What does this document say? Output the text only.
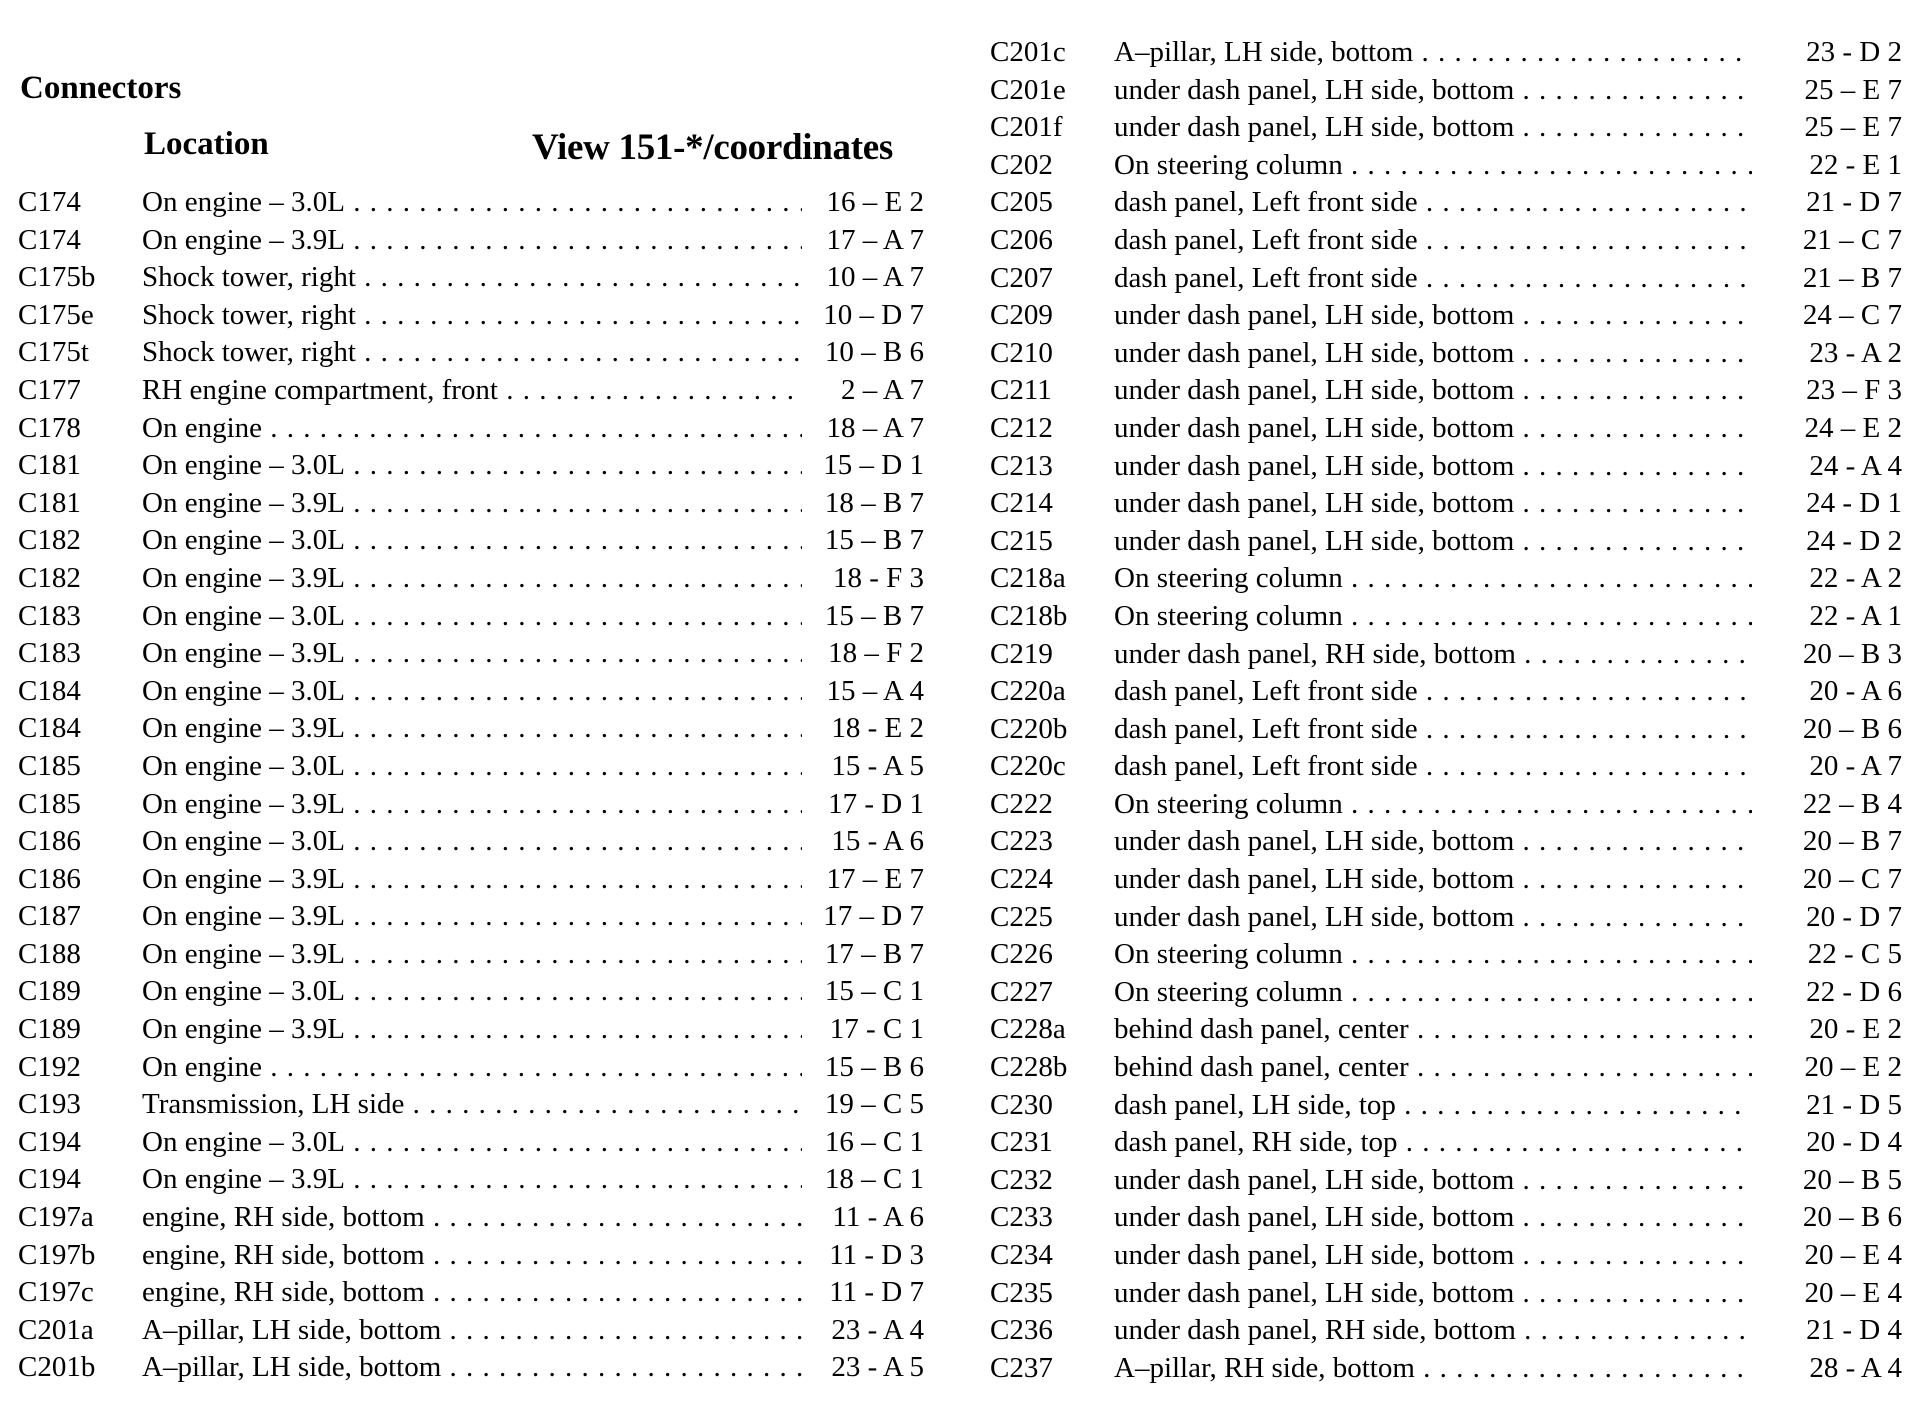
Connectors
Location	View 151-*/coordinates
C174 On engine – 3.0L . . .	16 – E 2
C174 On engine – 3.9L . . .	17 – A 7
C175b Shock tower, right . . .	10 – A 7
C175e Shock tower, right . . .	10 – D 7
C175t Shock tower, right . . .	10 – B 6
C177 RH engine compartment, front . . .	2 – A 7
C178 On engine . . .	18 – A 7
C181 On engine – 3.0L . . .	15 – D 1
C181 On engine – 3.9L . . .	18 – B 7
C182 On engine – 3.0L . . .	15 – B 7
C182 On engine – 3.9L . . .	18 - F 3
C183 On engine – 3.0L . . .	15 – B 7
C183 On engine – 3.9L . . .	18 – F 2
C184 On engine – 3.0L . . .	15 – A 4
C184 On engine – 3.9L . . .	18 - E 2
C185 On engine – 3.0L . . .	15 - A 5
C185 On engine – 3.9L . . .	17 - D 1
C186 On engine – 3.0L . . .	15 - A 6
C186 On engine – 3.9L . . .	17 – E 7
C187 On engine – 3.9L . . .	17 – D 7
C188 On engine – 3.9L . . .	17 – B 7
C189 On engine – 3.0L . . .	15 – C 1
C189 On engine – 3.9L . . .	17 - C 1
C192 On engine . . .	15 – B 6
C193 Transmission, LH side . . .	19 – C 5
C194 On engine – 3.0L . . .	16 – C 1
C194 On engine – 3.9L . . .	18 – C 1
C197a engine, RH side, bottom . . .	11 - A 6
C197b engine, RH side, bottom . . .	11 - D 3
C197c engine, RH side, bottom . . .	11 - D 7
C201a A–pillar, LH side, bottom . . .	23 - A 4
C201b A–pillar, LH side, bottom . . .	23 - A 5
C201c A–pillar, LH side, bottom . . .	23 - D 2
C201e under dash panel, LH side, bottom . . .	25 – E 7
C201f under dash panel, LH side, bottom . . .	25 – E 7
C202 On steering column . . .	22 - E 1
C205 dash panel, Left front side . . .	21 - D 7
C206 dash panel, Left front side . . .	21 – C 7
C207 dash panel, Left front side . . .	21 – B 7
C209 under dash panel, LH side, bottom . . .	24 – C 7
C210 under dash panel, LH side, bottom . . .	23 - A 2
C211 under dash panel, LH side, bottom . . .	23 – F 3
C212 under dash panel, LH side, bottom . . .	24 – E 2
C213 under dash panel, LH side, bottom . . .	24 - A 4
C214 under dash panel, LH side, bottom . . .	24 - D 1
C215 under dash panel, LH side, bottom . . .	24 - D 2
C218a On steering column . . .	22 - A 2
C218b On steering column . . .	22 - A 1
C219 under dash panel, RH side, bottom . . .	20 – B 3
C220a dash panel, Left front side . . .	20 - A 6
C220b dash panel, Left front side . . .	20 – B 6
C220c dash panel, Left front side . . .	20 - A 7
C222 On steering column . . .	22 – B 4
C223 under dash panel, LH side, bottom . . .	20 – B 7
C224 under dash panel, LH side, bottom . . .	20 – C 7
C225 under dash panel, LH side, bottom . . .	20 - D 7
C226 On steering column . . .	22 - C 5
C227 On steering column . . .	22 - D 6
C228a behind dash panel, center . . .	20 - E 2
C228b behind dash panel, center . . .	20 – E 2
C230 dash panel, LH side, top . . .	21 - D 5
C231 dash panel, RH side, top . . .	20 - D 4
C232 under dash panel, LH side, bottom . . .	20 – B 5
C233 under dash panel, LH side, bottom . . .	20 – B 6
C234 under dash panel, LH side, bottom . . .	20 – E 4
C235 under dash panel, LH side, bottom . . .	20 – E 4
C236 under dash panel, RH side, bottom . . .	21 - D 4
C237 A–pillar, RH side, bottom . . .	28 - A 4
